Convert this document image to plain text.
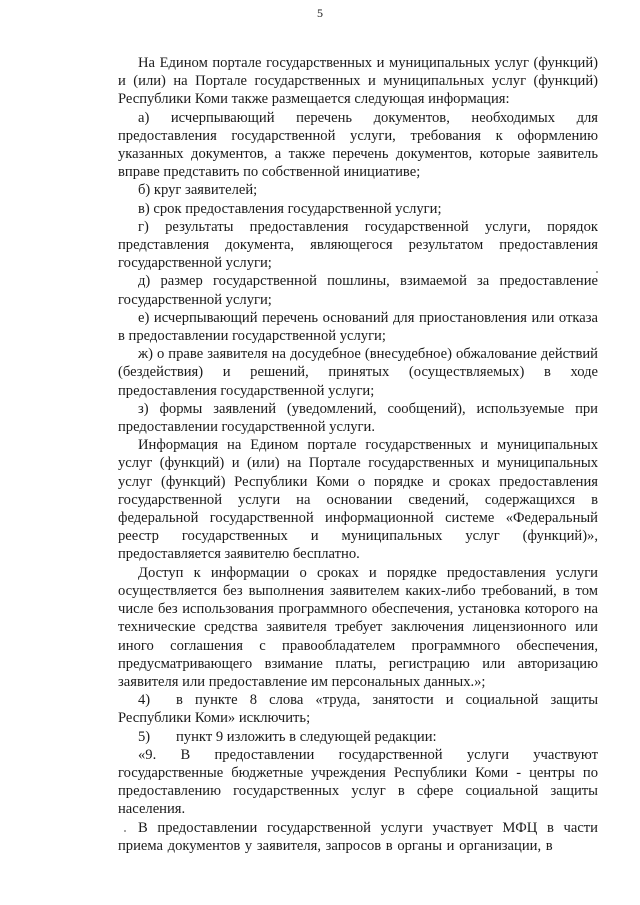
5

На Едином портале государственных и муниципальных услуг (функций) и (или) на Портале государственных и муниципальных услуг (функций) Республики Коми также размещается следующая информация:

а) исчерпывающий перечень документов, необходимых для предоставления государственной услуги, требования к оформлению указанных документов, а также перечень документов, которые заявитель вправе представить по собственной инициативе;

б) круг заявителей;

в) срок предоставления государственной услуги;

г) результаты предоставления государственной услуги, порядок представления документа, являющегося результатом предоставления государственной услуги;

д) размер государственной пошлины, взимаемой за предоставление государственной услуги;

е) исчерпывающий перечень оснований для приостановления или отказа в предоставлении государственной услуги;

ж) о праве заявителя на досудебное (внесудебное) обжалование действий (бездействия) и решений, принятых (осуществляемых) в ходе предоставления государственной услуги;

з) формы заявлений (уведомлений, сообщений), используемые при предоставлении государственной услуги.

Информация на Едином портале государственных и муниципальных услуг (функций) и (или) на Портале государственных и муниципальных услуг (функций) Республики Коми о порядке и сроках предоставления государственной услуги на основании сведений, содержащихся в федеральной государственной информационной системе «Федеральный реестр государственных и муниципальных услуг (функций)», предоставляется заявителю бесплатно.

Доступ к информации о сроках и порядке предоставления услуги осуществляется без выполнения заявителем каких-либо требований, в том числе без использования программного обеспечения, установка которого на технические средства заявителя требует заключения лицензионного или иного соглашения с правообладателем программного обеспечения, предусматривающего взимание платы, регистрацию или авторизацию заявителя или предоставление им персональных данных.»;

4) в пункте 8 слова «труда, занятости и социальной защиты Республики Коми» исключить;

5) пункт 9 изложить в следующей редакции:

«9. В предоставлении государственной услуги участвуют государственные бюджетные учреждения Республики Коми - центры по предоставлению государственных услуг в сфере социальной защиты населения.

В предоставлении государственной услуги участвует МФЦ в части приема документов у заявителя, запросов в органы и организации, в
